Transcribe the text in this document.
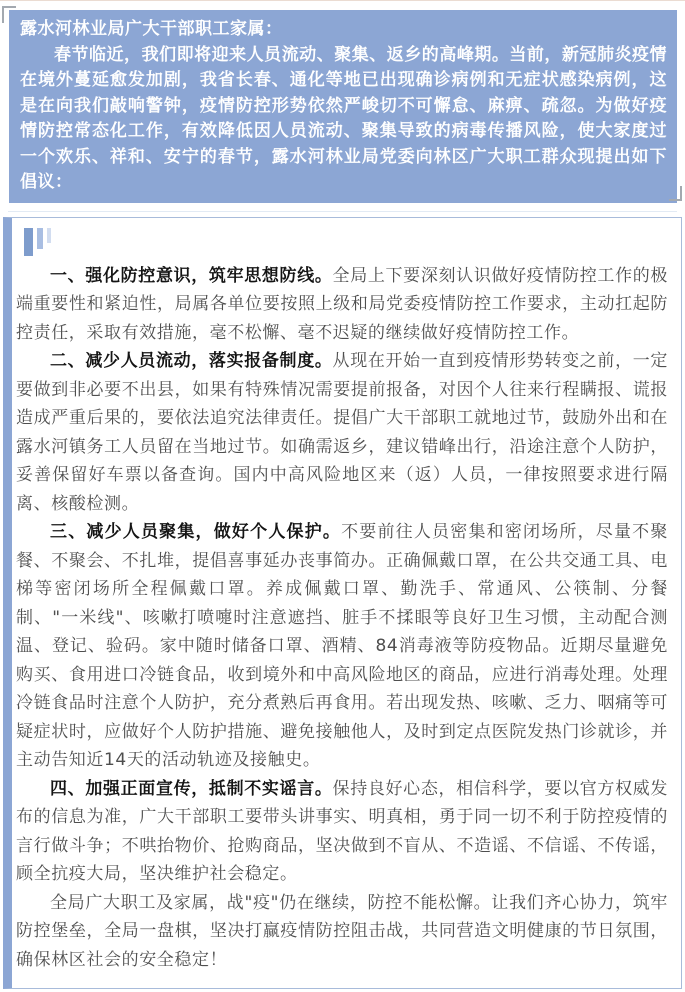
露水河林业局广大干部职工家属：

春节临近，我们即将迎来人员流动、聚集、返乡的高峰期。当前，新冠肺炎疫情在境外蔓延愈发加剧，我省长春、通化等地已出现确诊病例和无症状感染病例，这是在向我们敲响警钟，疫情防控形势依然严峻切不可懈怠、麻痹、疏忽。为做好疫情防控常态化工作，有效降低因人员流动、聚集导致的病毒传播风险，使大家度过一个欢乐、祥和、安宁的春节，露水河林业局党委向林区广大职工群众现提出如下倡议：

一、强化防控意识，筑牢思想防线。全局上下要深刻认识做好疫情防控工作的极端重要性和紧迫性，局属各单位要按照上级和局党委疫情防控工作要求，主动扛起防控责任，采取有效措施，毫不松懈、毫不迟疑的继续做好疫情防控工作。

二、减少人员流动，落实报备制度。从现在开始一直到疫情形势转变之前，一定要做到非必要不出县，如果有特殊情况需要提前报备，对因个人往来行程瞒报、谎报造成严重后果的，要依法追究法律责任。提倡广大干部职工就地过节，鼓励外出和在露水河镇务工人员留在当地过节。如确需返乡，建议错峰出行，沿途注意个人防护，妥善保留好车票以备查询。国内中高风险地区来（返）人员，一律按照要求进行隔离、核酸检测。

三、减少人员聚集，做好个人保护。不要前往人员密集和密闭场所，尽量不聚餐、不聚会、不扎堆，提倡喜事延办丧事简办。正确佩戴口罩，在公共交通工具、电梯等密闭场所全程佩戴口罩。养成佩戴口罩、勤洗手、常通风、公筷制、分餐制、"一米线"、咳嗽打喷嚏时注意遮挡、脏手不揉眼等良好卫生习惯，主动配合测温、登记、验码。家中随时储备口罩、酒精、84消毒液等防疫物品。近期尽量避免购买、食用进口冷链食品，收到境外和中高风险地区的商品，应进行消毒处理。处理冷链食品时注意个人防护，充分煮熟后再食用。若出现发热、咳嗽、乏力、咽痛等可疑症状时，应做好个人防护措施、避免接触他人，及时到定点医院发热门诊就诊，并主动告知近14天的活动轨迹及接触史。

四、加强正面宣传，抵制不实谣言。保持良好心态，相信科学，要以官方权威发布的信息为准，广大干部职工要带头讲事实、明真相，勇于同一切不利于防控疫情的言行做斗争；不哄抬物价、抢购商品，坚决做到不盲从、不造谣、不信谣、不传谣，顾全抗疫大局，坚决维护社会稳定。

全局广大职工及家属，战"疫"仍在继续，防控不能松懈。让我们齐心协力，筑牢防控堡垒，全局一盘棋，坚决打赢疫情防控阻击战，共同营造文明健康的节日氛围，确保林区社会的安全稳定！
